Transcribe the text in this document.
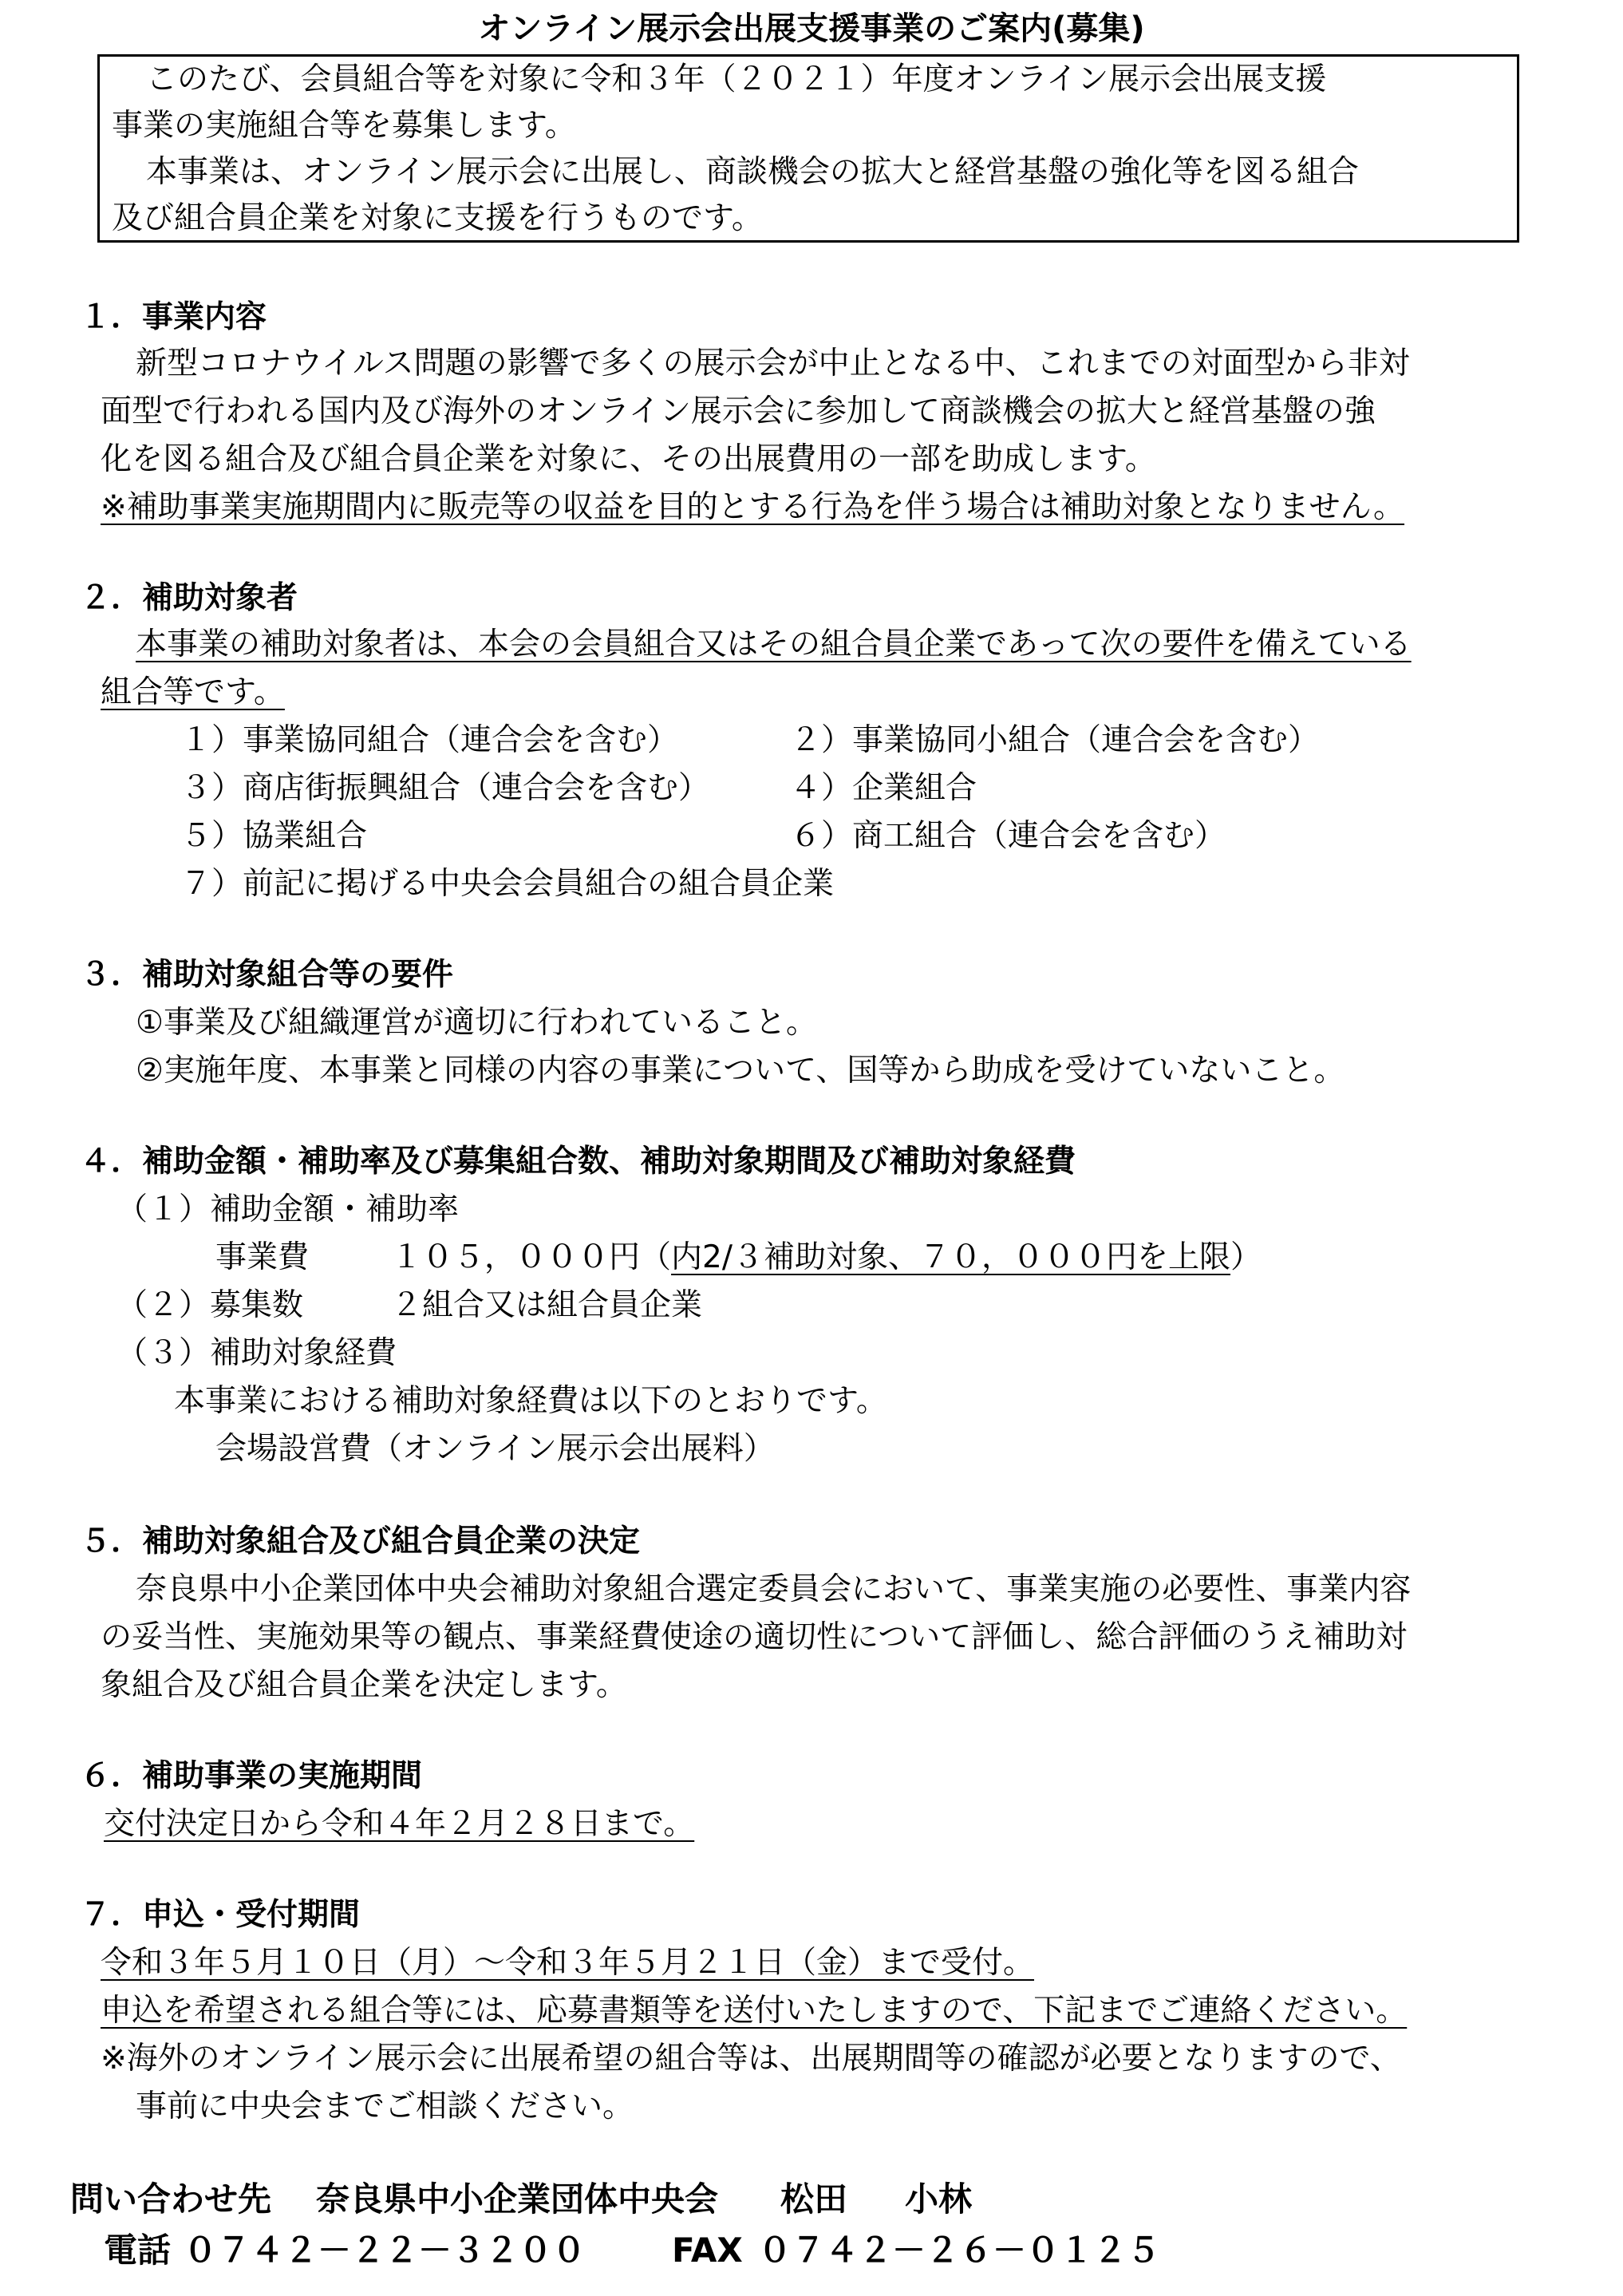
オンライン展示会出展支援事業のご案内(募集)
このたび、会員組合等を対象に令和３年（２０２１）年度オンライン展示会出展支援
事業の実施組合等を募集します。
本事業は、オンライン展示会に出展し、商談機会の拡大と経営基盤の強化等を図る組合
及び組合員企業を対象に支援を行うものです。
１．事業内容
新型コロナウイルス問題の影響で多くの展示会が中止となる中、これまでの対面型から非対
面型で行われる国内及び海外のオンライン展示会に参加して商談機会の拡大と経営基盤の強
化を図る組合及び組合員企業を対象に、その出展費用の一部を助成します。
※補助事業実施期間内に販売等の収益を目的とする行為を伴う場合は補助対象となりません。
２．補助対象者
本事業の補助対象者は、本会の会員組合又はその組合員企業であって次の要件を備えている
組合等です。
１）事業協同組合（連合会を含む）	２）事業協同小組合（連合会を含む）
３）商店街振興組合（連合会を含む）	４）企業組合
５）協業組合	６）商工組合（連合会を含む）
７）前記に掲げる中央会会員組合の組合員企業
３．補助対象組合等の要件
①事業及び組織運営が適切に行われていること。
②実施年度、本事業と同様の内容の事業について、国等から助成を受けていないこと。
４．補助金額・補助率及び募集組合数、補助対象期間及び補助対象経費
（１）補助金額・補助率
事業費	１０５，０００円（内2/３補助対象、７０，０００円を上限）
（２）募集数	２組合又は組合員企業
（３）補助対象経費
本事業における補助対象経費は以下のとおりです。
会場設営費（オンライン展示会出展料）
５．補助対象組合及び組合員企業の決定
奈良県中小企業団体中央会補助対象組合選定委員会において、事業実施の必要性、事業内容
の妥当性、実施効果等の観点、事業経費使途の適切性について評価し、総合評価のうえ補助対
象組合及び組合員企業を決定します。
６．補助事業の実施期間
交付決定日から令和４年２月２８日まで。
７．申込・受付期間
令和３年５月１０日（月）～令和３年５月２１日（金）まで受付。
申込を希望される組合等には、応募書類等を送付いたしますので、下記までご連絡ください。
※海外のオンライン展示会に出展希望の組合等は、出展期間等の確認が必要となりますので、
事前に中央会までご相談ください。
問い合わせ先 奈良県中小企業団体中央会 松田 小林
電話 ０７４２－２２－３２００	FAX ０７４２－２６－０１２５
